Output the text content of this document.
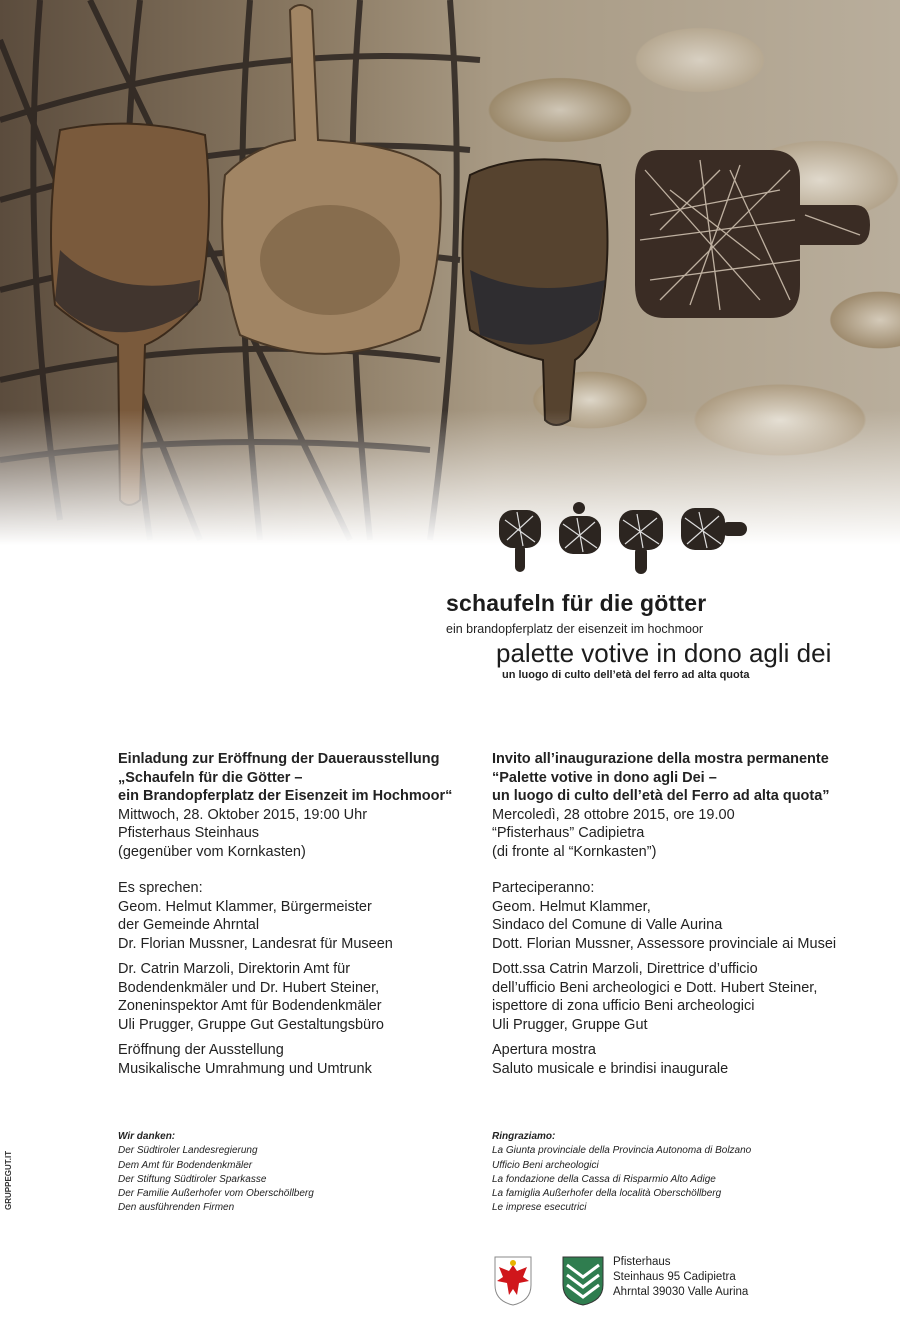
schaufeln für die götter
ein brandopferplatz der eisenzeit im hochmoor
palette votive in dono agli dei
un luogo di culto dell’età del ferro ad alta quota
Einladung zur Eröffnung der Dauerausstellung
„Schaufeln für die Götter –
ein Brandopferplatz der Eisenzeit im Hochmoor“
Mittwoch, 28. Oktober 2015, 19:00 Uhr
Pfisterhaus Steinhaus
(gegenüber vom Kornkasten)
Es sprechen:
Geom. Helmut Klammer, Bürgermeister
der Gemeinde Ahrntal
Dr. Florian Mussner, Landesrat für Museen
Dr. Catrin Marzoli, Direktorin Amt für
Bodendenkmäler und Dr. Hubert Steiner,
Zoneninspektor Amt für Bodendenkmäler
Uli Prugger, Gruppe Gut Gestaltungsbüro
Eröffnung der Ausstellung
Musikalische Umrahmung und Umtrunk
Invito all’inaugurazione della mostra permanente
“Palette votive in dono agli Dei –
un luogo di culto dell’età del Ferro ad alta quota”
Mercoledì, 28 ottobre 2015, ore 19.00
“Pfisterhaus” Cadipietra
(di fronte al “Kornkasten”)
Parteciperanno:
Geom. Helmut Klammer,
Sindaco del Comune di Valle Aurina
Dott. Florian Mussner, Assessore provinciale ai Musei
Dott.ssa Catrin Marzoli, Direttrice d’ufficio
dell’ufficio Beni archeologici e Dott. Hubert Steiner,
ispettore di zona ufficio Beni archeologici
Uli Prugger, Gruppe Gut
Apertura mostra
Saluto musicale e brindisi inaugurale
Wir danken:
Der Südtiroler Landesregierung
Dem Amt für Bodendenkmäler
Der Stiftung Südtiroler Sparkasse
Der Familie Außerhofer vom Oberschöllberg
Den ausführenden Firmen
Ringraziamo:
La Giunta provinciale della Provincia Autonoma di Bolzano
Ufficio Beni archeologici
La fondazione della Cassa di Risparmio Alto Adige
La famiglia Außerhofer della località Oberschöllberg
Le imprese esecutrici
GRUPPEGUT.IT
Pfisterhaus
Steinhaus 95 Cadipietra
Ahrntal 39030 Valle Aurina
